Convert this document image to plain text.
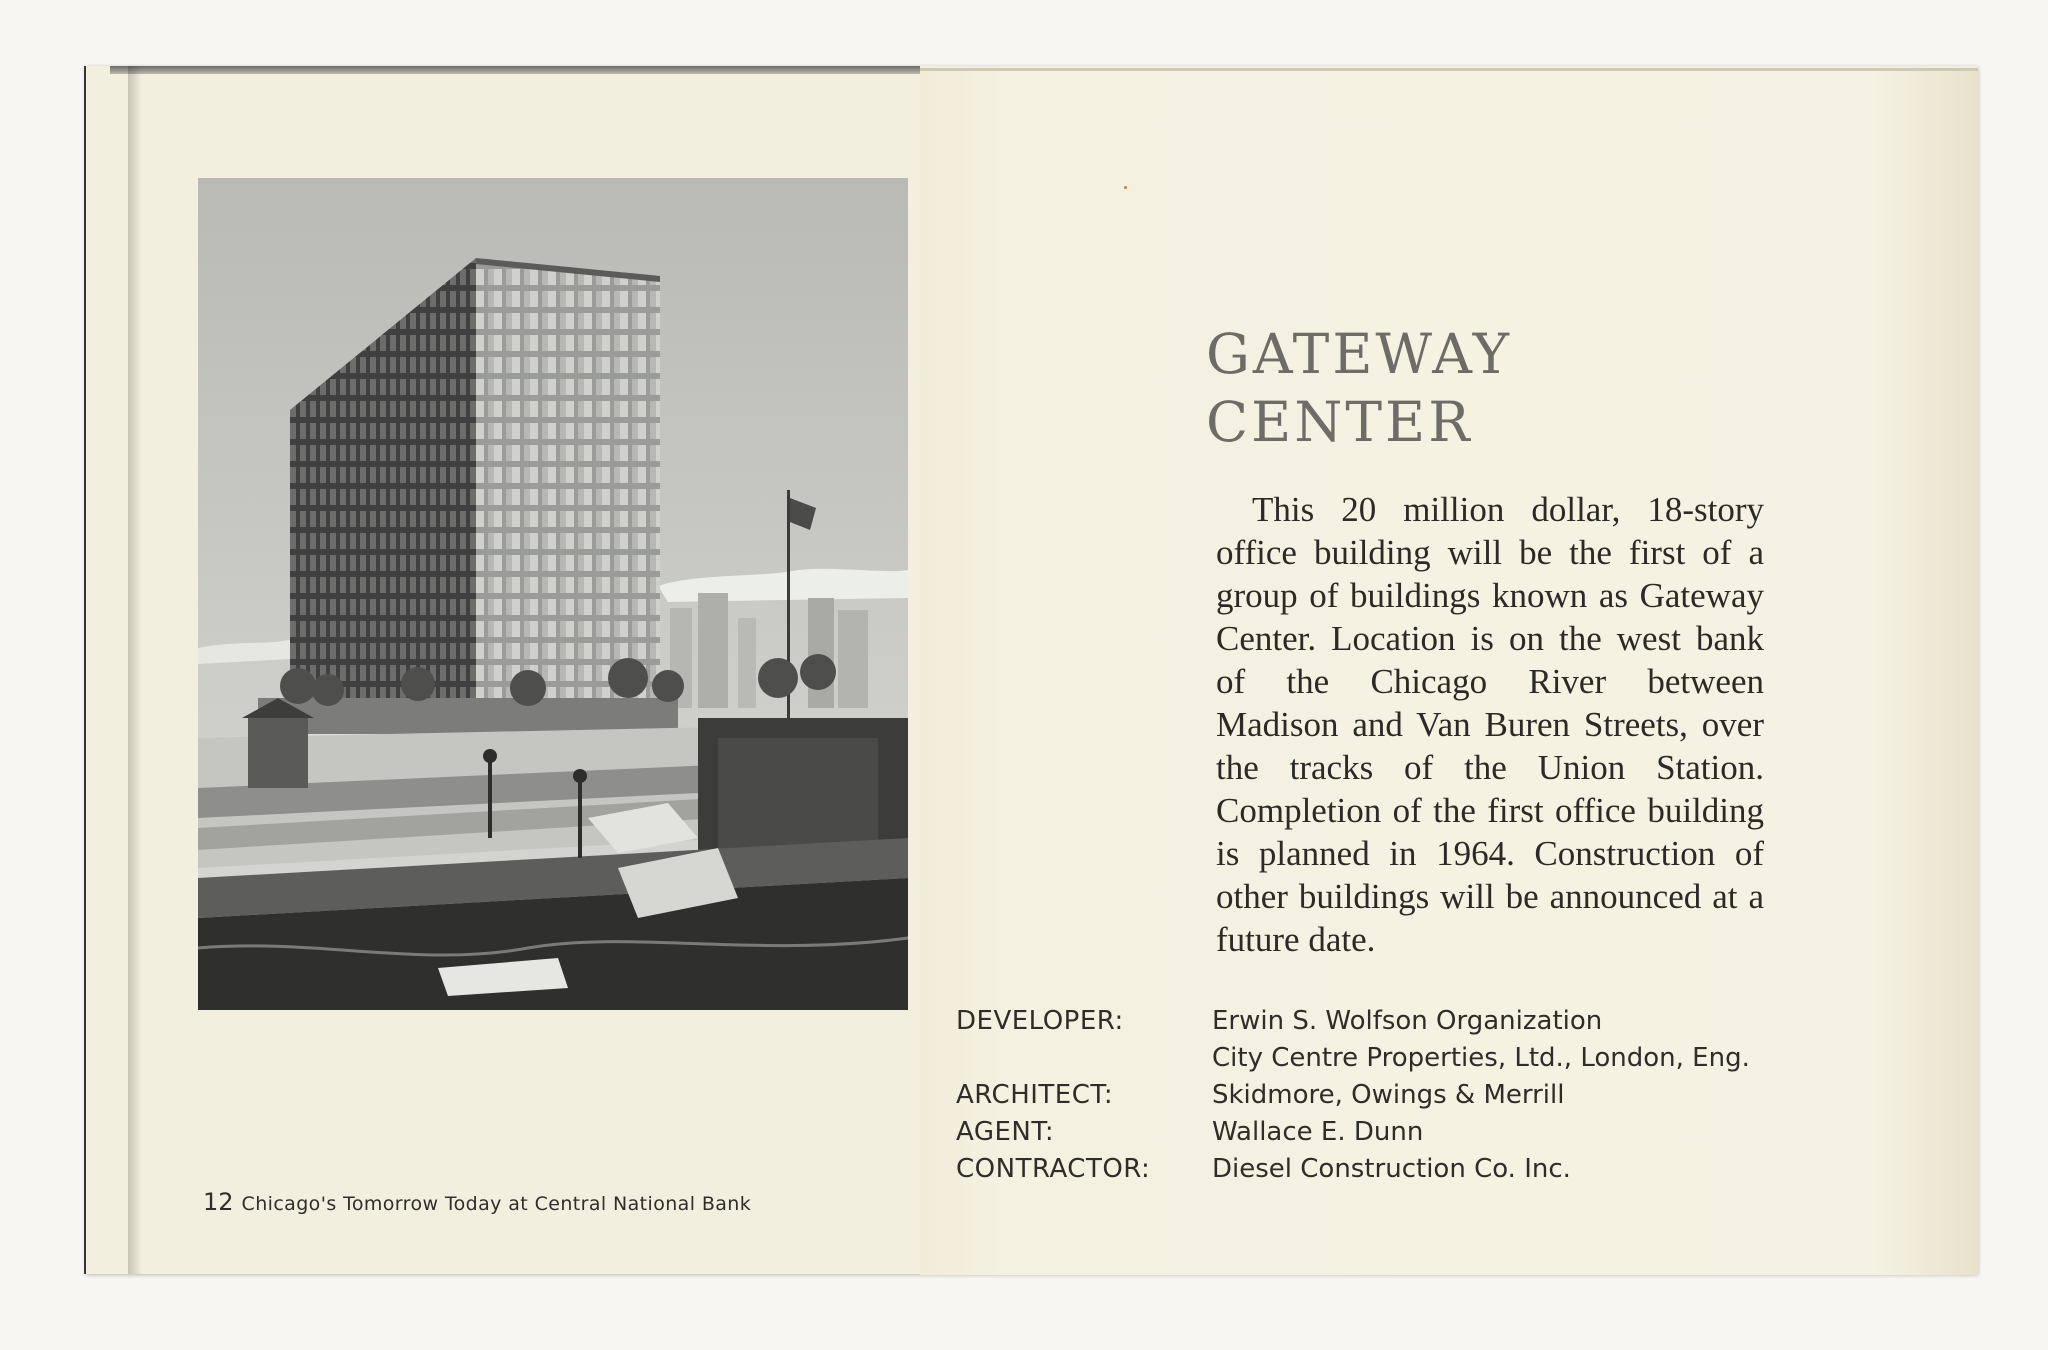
GATEWAY
CENTER

This 20 million dollar, 18-story office building will be the first of a group of buildings known as Gateway Center. Location is on the west bank of the Chicago River between Madison and Van Buren Streets, over the tracks of the Union Station. Completion of the first office building is planned in 1964. Construction of other buildings will be announced at a future date.

DEVELOPER:	Erwin S. Wolfson Organization
City Centre Properties, Ltd., London, Eng.
ARCHITECT:	Skidmore, Owings & Merrill
AGENT:	Wallace E. Dunn
CONTRACTOR:	Diesel Construction Co. Inc.
12 Chicago's Tomorrow Today at Central National Bank
